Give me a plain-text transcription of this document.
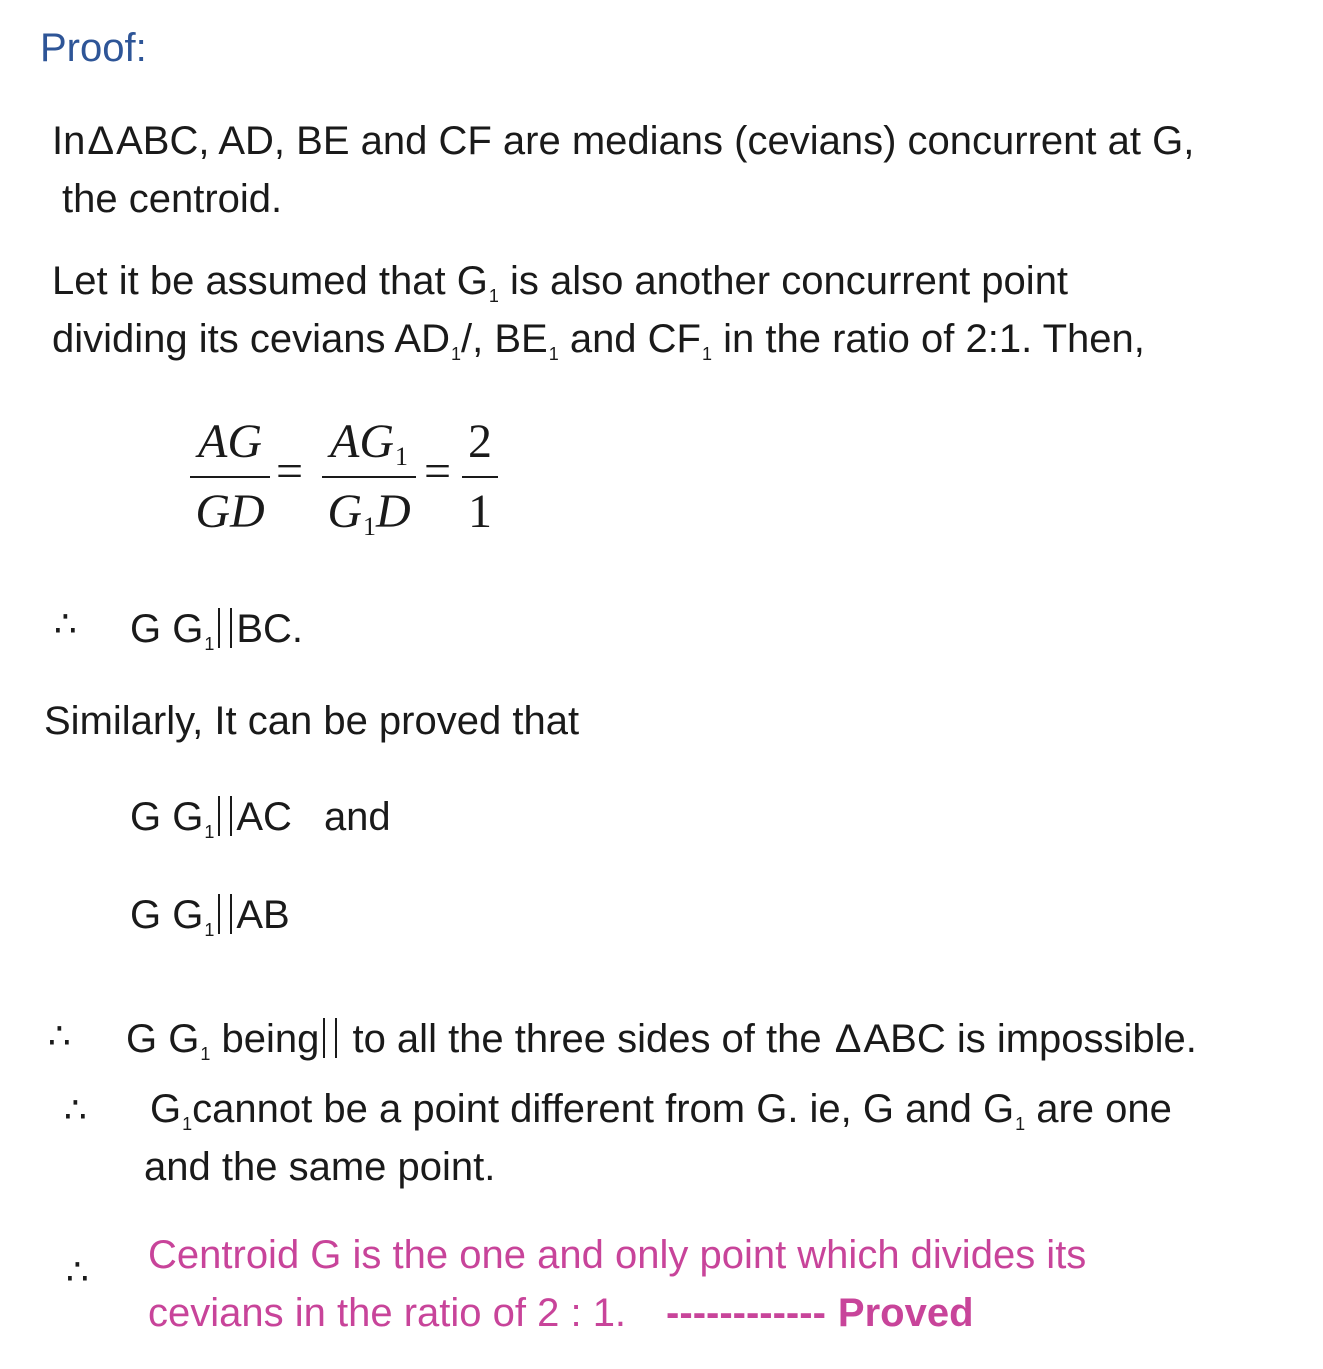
Proof:
InΔABC, AD, BE and CF are medians (cevians) concurrent at G,
the centroid.
Let it be assumed that $G_1$ is also another concurrent point
dividing its cevians $AD_1/$, $BE_1$ and $CF_1$ in the ratio of 2:1. Then,
AG
GD
=
$AG_1$
$G_1D$
=
2
1
∴ G $G_1$ BC.
Similarly, It can be proved that
G $G_1$ AC and
G $G_1$ AB
∴ G $G_1$ being to all the three sides of the ΔABC is impossible.
∴ $G_1cannot$ be a point different from G. ie, G and $G_1$ are one
and the same point.
∴ Centroid G is the one and only point which divides its
cevians in the ratio of 2 : 1. ------------ Proved
